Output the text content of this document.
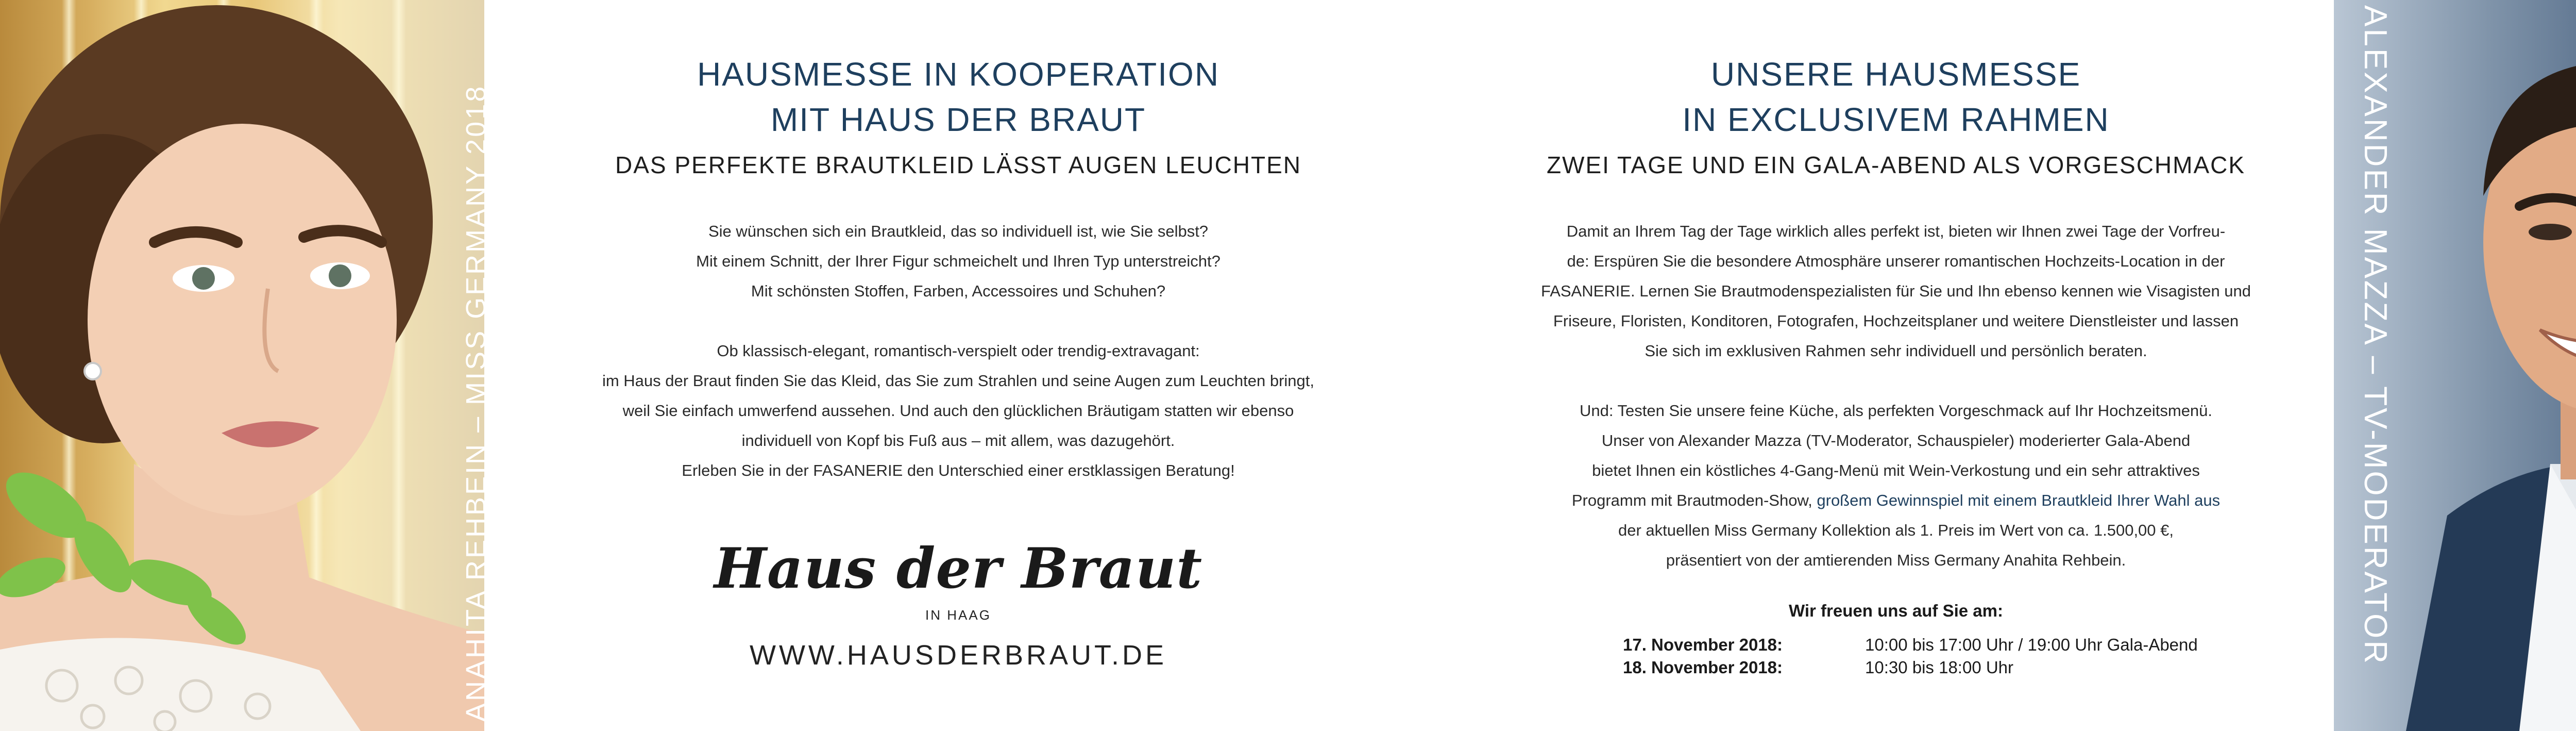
ANAHITA REHBEIN – MISS GERMANY 2018
HAUSMESSE IN KOOPERATION
MIT HAUS DER BRAUT
DAS PERFEKTE BRAUTKLEID LÄSST AUGEN LEUCHTEN

Sie wünschen sich ein Brautkleid, das so individuell ist, wie Sie selbst?

Mit einem Schnitt, der Ihrer Figur schmeichelt und Ihren Typ unterstreicht?

Mit schönsten Stoffen, Farben, Accessoires und Schuhen?

Ob klassisch-elegant, romantisch-verspielt oder trendig-extravagant:

im Haus der Braut finden Sie das Kleid, das Sie zum Strahlen und seine Augen zum Leuchten bringt,

weil Sie einfach umwerfend aussehen. Und auch den glücklichen Bräutigam statten wir ebenso

individuell von Kopf bis Fuß aus – mit allem, was dazugehört.

Erleben Sie in der FASANERIE den Unterschied einer erstklassigen Beratung!

Haus der Braut
IN HAAG
WWW.HAUSDERBRAUT.DE
UNSERE HAUSMESSE
IN EXCLUSIVEM RAHMEN
ZWEI TAGE UND EIN GALA-ABEND ALS VORGESCHMACK

Damit an Ihrem Tag der Tage wirklich alles perfekt ist, bieten wir Ihnen zwei Tage der Vorfreu-

de: Erspüren Sie die besondere Atmosphäre unserer romantischen Hochzeits-Location in der

FASANERIE. Lernen Sie Brautmodenspezialisten für Sie und Ihn ebenso kennen wie Visagisten und

Friseure, Floristen, Konditoren, Fotografen, Hochzeitsplaner und weitere Dienstleister und lassen

Sie sich im exklusiven Rahmen sehr individuell und persönlich beraten.

Und: Testen Sie unsere feine Küche, als perfekten Vorgeschmack auf Ihr Hochzeitsmenü.

Unser von Alexander Mazza (TV-Moderator, Schauspieler) moderierter Gala-Abend

bietet Ihnen ein köstliches 4-Gang-Menü mit Wein-Verkostung und ein sehr attraktives

Programm mit Brautmoden-Show, großem Gewinnspiel mit einem Brautkleid Ihrer Wahl aus

der aktuellen Miss Germany Kollektion als 1. Preis im Wert von ca. 1.500,00 €,

präsentiert von der amtierenden Miss Germany Anahita Rehbein.

Wir freuen uns auf Sie am:
17. November 2018:	10:00 bis 17:00 Uhr / 19:00 Uhr Gala-Abend
18. November 2018:	10:30 bis 18:00 Uhr
ALEXANDER MAZZA – TV-MODERATOR
